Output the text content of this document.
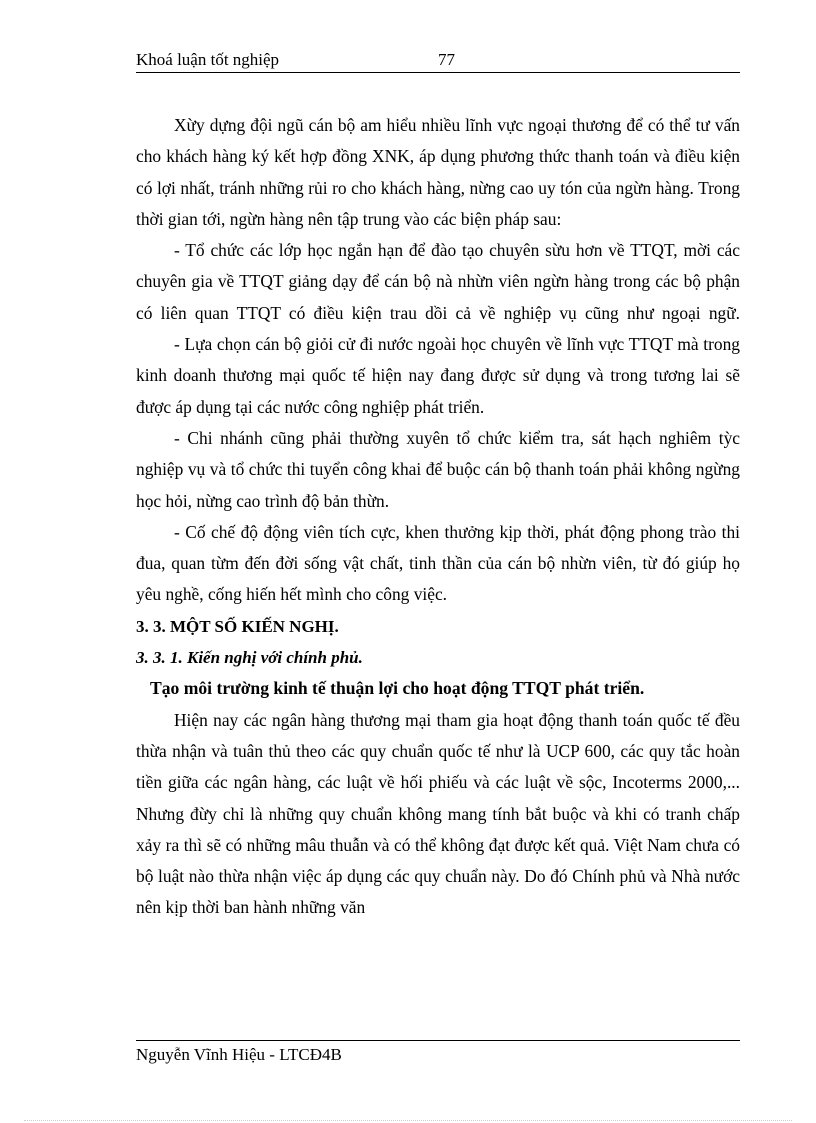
Khoá luận tốt nghiệp	77

Xừy dựng đội ngũ cán bộ am hiểu nhiều lĩnh vực ngoại thương để có thể tư vấn cho khách hàng ký kết hợp đồng XNK, áp dụng phương thức thanh toán và điều kiện có lợi nhất, tránh những rủi ro cho khách hàng, nừng cao uy tón của ngừn hàng. Trong thời gian tới, ngừn hàng nên tập trung vào các biện pháp sau:

- Tổ chức các lớp học ngắn hạn để đào tạo chuyên sừu hơn về TTQT, mời các chuyên gia về TTQT giảng dạy để cán bộ nà nhừn viên ngừn hàng trong các bộ phận có liên quan TTQT có điều kiện trau dồi cả về nghiệp vụ cũng như ngoại ngữ.

- Lựa chọn cán bộ giỏi cử đi nước ngoài học chuyên về lĩnh vực TTQT mà trong kinh doanh thương mại quốc tế hiện nay đang được sử dụng và trong tương lai sẽ được áp dụng tại các nước công nghiệp phát triển.

- Chi nhánh cũng phải thường xuyên tổ chức kiểm tra, sát hạch nghiêm tỳc nghiệp vụ và tổ chức thi tuyển công khai để buộc cán bộ thanh toán phải không ngừng học hỏi, nừng cao trình độ bản thừn.

- Cố chế độ động viên tích cực, khen thưởng kịp thời, phát động phong trào thi đua, quan từm đến đời sống vật chất, tinh thần của cán bộ nhừn viên, từ đó giúp họ yêu nghề, cống hiến hết mình cho công việc.

3. 3. MỘT SỐ KIẾN NGHỊ.

3. 3. 1. Kiến nghị với chính phủ.

Tạo môi trường kinh tế thuận lợi cho hoạt động TTQT phát triển.

Hiện nay các ngân hàng thương mại tham gia hoạt động thanh toán quốc tế đều thừa nhận và tuân thủ theo các quy chuẩn quốc tế như là UCP 600, các quy tắc hoàn tiền giữa các ngân hàng, các luật về hối phiếu và các luật về sộc, Incoterms 2000,... Nhưng đừy chỉ là những quy chuẩn không mang tính bắt buộc và khi có tranh chấp xảy ra thì sẽ có những mâu thuẫn và có thể không đạt được kết quả. Việt Nam chưa có bộ luật nào thừa nhận việc áp dụng các quy chuẩn này. Do đó Chính phủ và Nhà nước nên kịp thời ban hành những văn

Nguyễn Vĩnh Hiệu - LTCĐ4B
